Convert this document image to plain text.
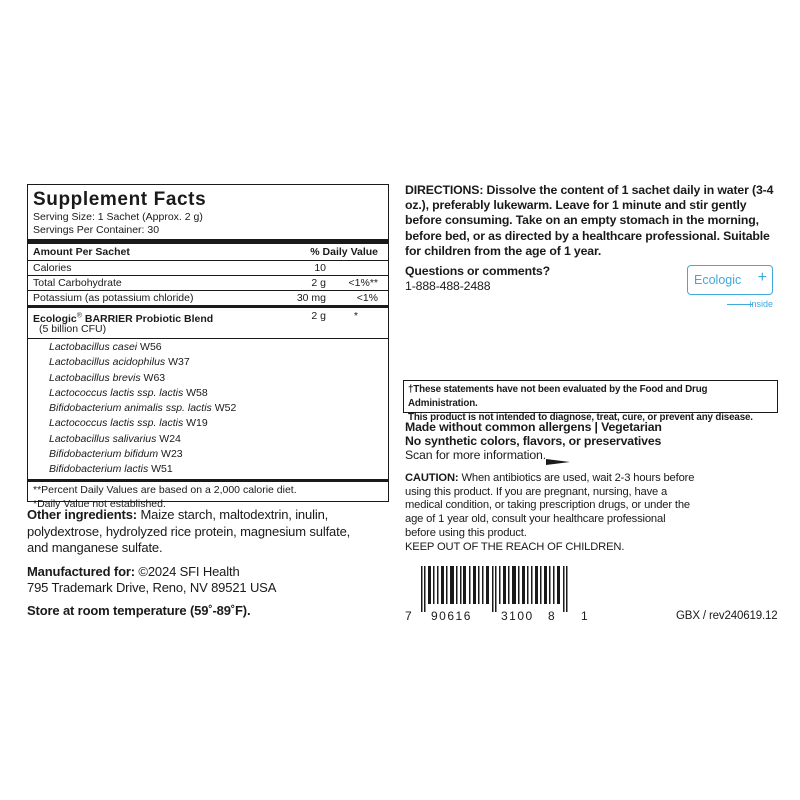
Supplement Facts
Serving Size: 1 Sachet (Approx. 2 g)
Servings Per Container: 30
Amount Per Sachet	% Daily Value
Calories	10
Total Carbohydrate	2 g <1%**
Potassium (as potassium chloride)	30 mg	<1%
Ecologic® BARRIER Probiotic Blend	2 g	*
(5 billion CFU)
Lactobacillus casei W56
Lactobacillus acidophilus W37
Lactobacillus brevis W63
Lactococcus lactis ssp. lactis W58
Bifidobacterium animalis ssp. lactis W52
Lactococcus lactis ssp. lactis W19
Lactobacillus salivarius W24
Bifidobacterium bifidum W23
Bifidobacterium lactis W51
**Percent Daily Values are based on a 2,000 calorie diet.
*Daily Value not established.
Other ingredients: Maize starch, maltodextrin, inulin, polydextrose, hydrolyzed rice protein, magnesium sulfate, and manganese sulfate.
Manufactured for: ©2024 SFI Health
795 Trademark Drive, Reno, NV 89521 USA
Store at room temperature (59˚-89˚F).
DIRECTIONS: Dissolve the content of 1 sachet daily in water (3-4 oz.), preferably lukewarm. Leave for 1 minute and stir gently before consuming. Take on an empty stomach in the morning, before bed, or as directed by a healthcare professional. Suitable for children from the age of 1 year.
Questions or comments?
1-888-488-2488	Ecologic +
inside
†These statements have not been evaluated by the Food and Drug Administration.
This product is not intended to diagnose, treat, cure, or prevent any disease.
Made without common allergens | Vegetarian
No synthetic colors, flavors, or preservatives
Scan for more information.
CAUTION: When antibiotics are used, wait 2-3 hours before using this product. If you are pregnant, nursing, have a medical condition, or taking prescription drugs, or under the age of 1 year old, consult your healthcare professional before using this product.
KEEP OUT OF THE REACH OF CHILDREN.
7 90616 3100 8 1	GBX / rev240619.12
